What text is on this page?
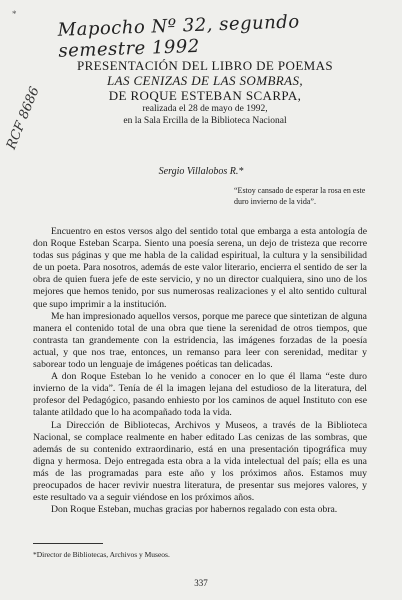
* Mapocho Nº 32, segundo semestre 1992
RCF 8686
PRESENTACIÓN DEL LIBRO DE POEMAS
LAS CENIZAS DE LAS SOMBRAS,
DE ROQUE ESTEBAN SCARPA,
realizada el 28 de mayo de 1992,
en la Sala Ercilla de la Biblioteca Nacional
Sergio Villalobos R.*
“Estoy cansado de esperar la rosa en este duro invierno de la vida”.

Encuentro en estos versos algo del sentido total que embarga a esta antología de don Roque Esteban Scarpa. Siento una poesía serena, un dejo de tristeza que recorre todas sus páginas y que me habla de la calidad espiritual, la cultura y la sensibilidad de un poeta. Para nosotros, además de este valor literario, encierra el sentido de ser la obra de quien fuera jefe de este servicio, y no un director cualquiera, sino uno de los mejores que hemos tenido, por sus numerosas realizaciones y el alto sentido cultural que supo imprimir a la institución.

Me han impresionado aquellos versos, porque me parece que sintetizan de alguna manera el contenido total de una obra que tiene la serenidad de otros tiempos, que contrasta tan grandemente con la estridencia, las imágenes forzadas de la poesía actual, y que nos trae, entonces, un remanso para leer con serenidad, meditar y saborear todo un lenguaje de imágenes poéticas tan delicadas.

A don Roque Esteban lo he venido a conocer en lo que él llama “este duro invierno de la vida”. Tenía de él la imagen lejana del estudioso de la literatura, del profesor del Pedagógico, pasando enhiesto por los caminos de aquel Instituto con ese talante atildado que lo ha acompañado toda la vida.

La Dirección de Bibliotecas, Archivos y Museos, a través de la Biblioteca Nacional, se complace realmente en haber editado Las cenizas de las sombras, que además de su contenido extraordinario, está en una presentación tipográfica muy digna y hermosa. Dejo entregada esta obra a la vida intelectual del país; ella es una más de las programadas para este año y los próximos años. Estamos muy preocupados de hacer revivir nuestra literatura, de presentar sus mejores valores, y este resultado va a seguir viéndose en los próximos años.

Don Roque Esteban, muchas gracias por habernos regalado con esta obra.

*Director de Bibliotecas, Archivos y Museos.
337
